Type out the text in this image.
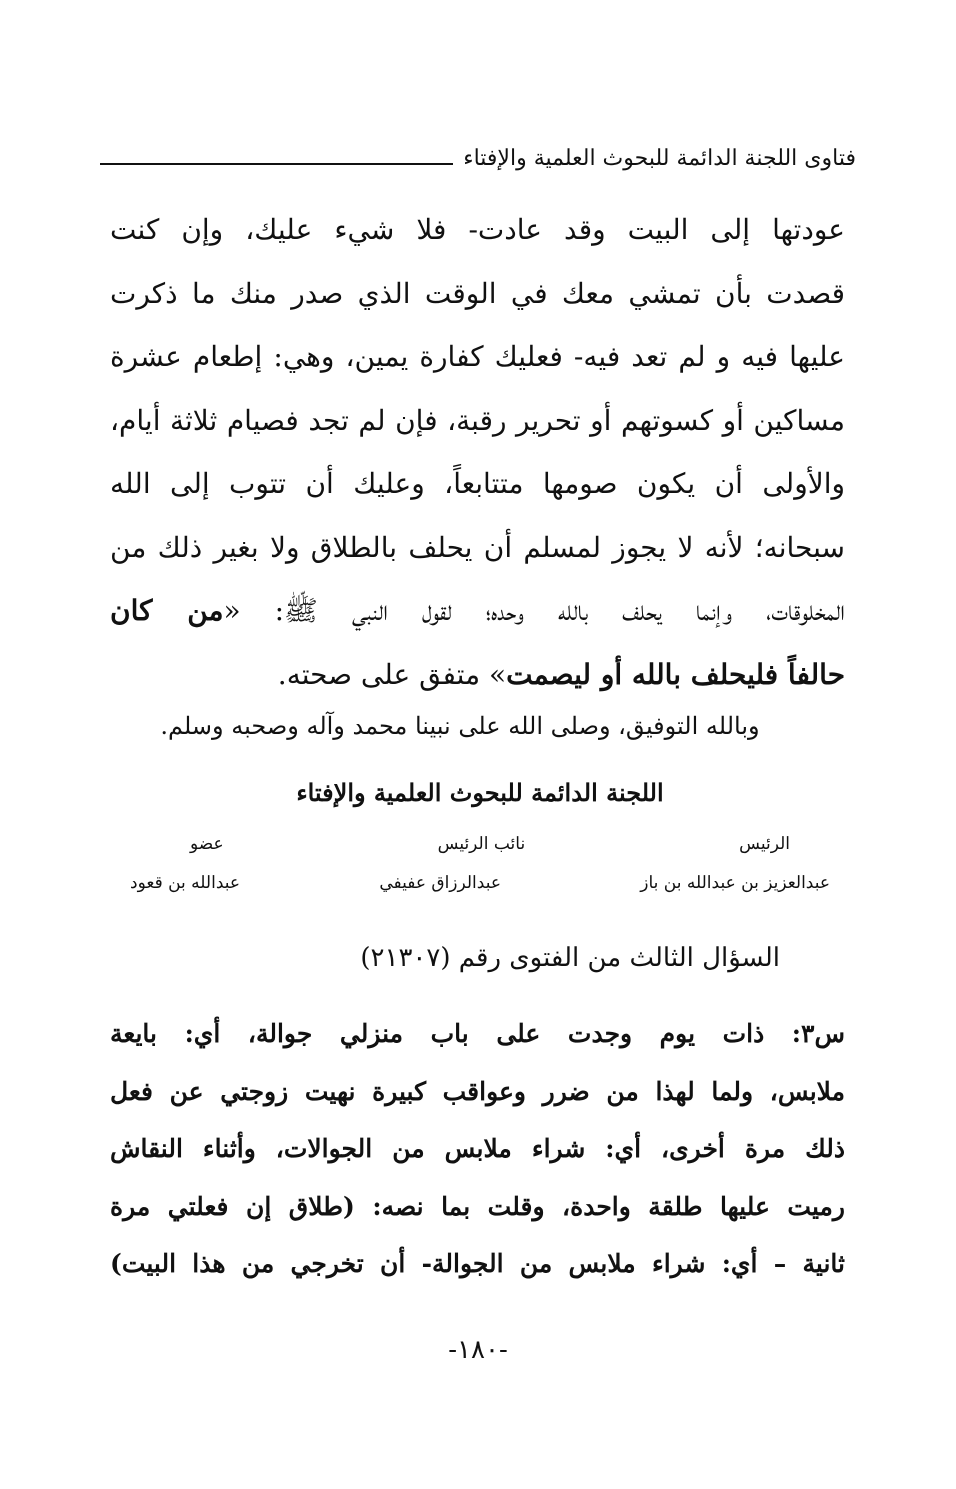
فتاوى اللجنة الدائمة للبحوث العلمية والإفتاء
عودتها إلى البيت وقد عادت- فلا شيء عليك، وإن كنت
قصدت بأن تمشي معك في الوقت الذي صدر منك ما ذكرت
عليها فيه و لم تعد فيه- فعليك كفارة يمين، وهي: إطعام عشرة
مساكين أو كسوتهم أو تحرير رقبة، فإن لم تجد فصيام ثلاثة أيام،
والأولى أن يكون صومها متتابعاً، وعليك أن تتوب إلى الله
سبحانه؛ لأنه لا يجوز لمسلم أن يحلف بالطلاق ولا بغير ذلك من
المخلوقات، وإنما يحلف بالله وحده؛ لقول النبي ﷺ: «من كان
حالفاً فليحلف بالله أو ليصمت» متفق على صحته.
وبالله التوفيق، وصلى الله على نبينا محمد وآله وصحبه وسلم.
اللجنة الدائمة للبحوث العلمية والإفتاء
الرئيس
نائب الرئيس
عضو
عبدالعزيز بن عبدالله بن باز
عبدالرزاق عفيفي
عبدالله بن قعود
السؤال الثالث من الفتوى رقم (٢١٣٠٧)
س٣: ذات يوم وجدت على باب منزلي جوالة، أي: بايعة
ملابس، ولما لهذا من ضرر وعواقب كبيرة نهيت زوجتي عن فعل
ذلك مرة أخرى، أي: شراء ملابس من الجوالات، وأثناء النقاش
رميت عليها طلقة واحدة، وقلت بما نصه: (طلاق إن فعلتي مرة
ثانية – أي: شراء ملابس من الجوالة- أن تخرجي من هذا البيت)
-١٨٠-
